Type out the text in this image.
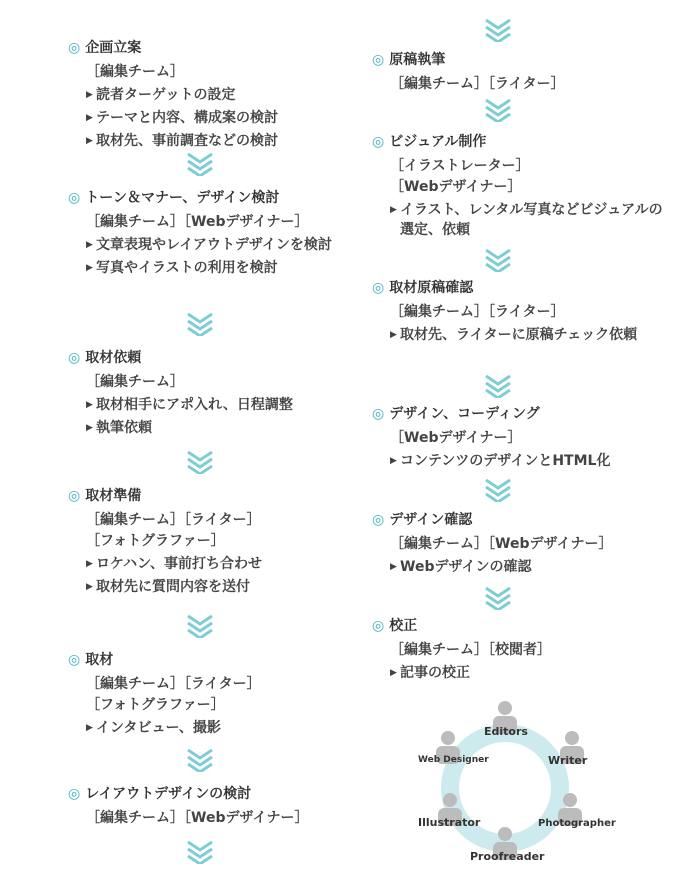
◎ 企画立案
［編集チーム］
▶ 読者ターゲットの設定
▶ テーマと内容、構成案の検討
▶ 取材先、事前調査などの検討
◎ トーン＆マナー、デザイン検討
［編集チーム］［Webデザイナー］
▶ 文章表現やレイアウトデザインを検討
▶ 写真やイラストの利用を検討
◎ 取材依頼
［編集チーム］
▶ 取材相手にアポ入れ、日程調整
▶ 執筆依頼
◎ 取材準備
［編集チーム］［ライター］
［フォトグラファー］
▶ ロケハン、事前打ち合わせ
▶ 取材先に質問内容を送付
◎ 取材
［編集チーム］［ライター］
［フォトグラファー］
▶ インタビュー、撮影
◎ レイアウトデザインの検討
［編集チーム］［Webデザイナー］
◎ 原稿執筆
［編集チーム］［ライター］
◎ ビジュアル制作
［イラストレーター］
［Webデザイナー］
▶ イラスト、レンタル写真などビジュアルの選定、依頼
◎ 取材原稿確認
［編集チーム］［ライター］
▶ 取材先、ライターに原稿チェック依頼
◎ デザイン、コーディング
［Webデザイナー］
▶ コンテンツのデザインとHTML化
◎ デザイン確認
［編集チーム］［Webデザイナー］
▶ Webデザインの確認
◎ 校正
［編集チーム］［校閲者］
▶ 記事の校正
Editors
Writer
Photographer
Proofreader
Illustrator
Web Designer
